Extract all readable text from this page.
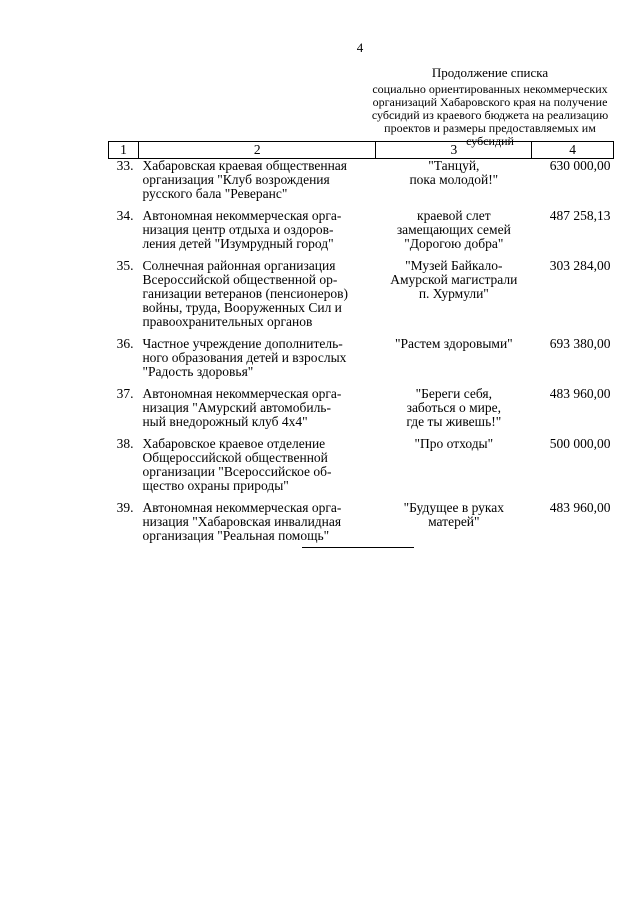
4
Продолжение списка
социально ориентированных некоммерческих организаций Хабаровского края на получение субсидий из краевого бюджета на реализацию проектов и размеры предоставляемых им субсидий
1	2	3	4
33.	Хабаровская краевая общественная
организация "Клуб возрождения
русского бала "Реверанс"	"Танцуй,
пока молодой!"	630 000,00
34.	Автономная некоммерческая орга-
низация центр отдыха и оздоров-
ления детей "Изумрудный город"	краевой слет
замещающих семей
"Дорогою добра"	487 258,13
35.	Солнечная районная организация
Всероссийской общественной ор-
ганизации ветеранов (пенсионеров)
войны, труда, Вооруженных Сил и
правоохранительных органов	"Музей Байкало-
Амурской магистрали
п. Хурмули"	303 284,00
36.	Частное учреждение дополнитель-
ного образования детей и взрослых
"Радость здоровья"	"Растем здоровыми"	693 380,00
37.	Автономная некоммерческая орга-
низация "Амурский автомобиль-
ный внедорожный клуб 4х4"	"Береги себя,
заботься о мире,
где ты живешь!"	483 960,00
38.	Хабаровское краевое отделение
Общероссийской общественной
организации "Всероссийское об-
щество охраны природы"	"Про отходы"	500 000,00
39.	Автономная некоммерческая орга-
низация "Хабаровская инвалидная
организация "Реальная помощь"	"Будущее в руках
матерей"	483 960,00
